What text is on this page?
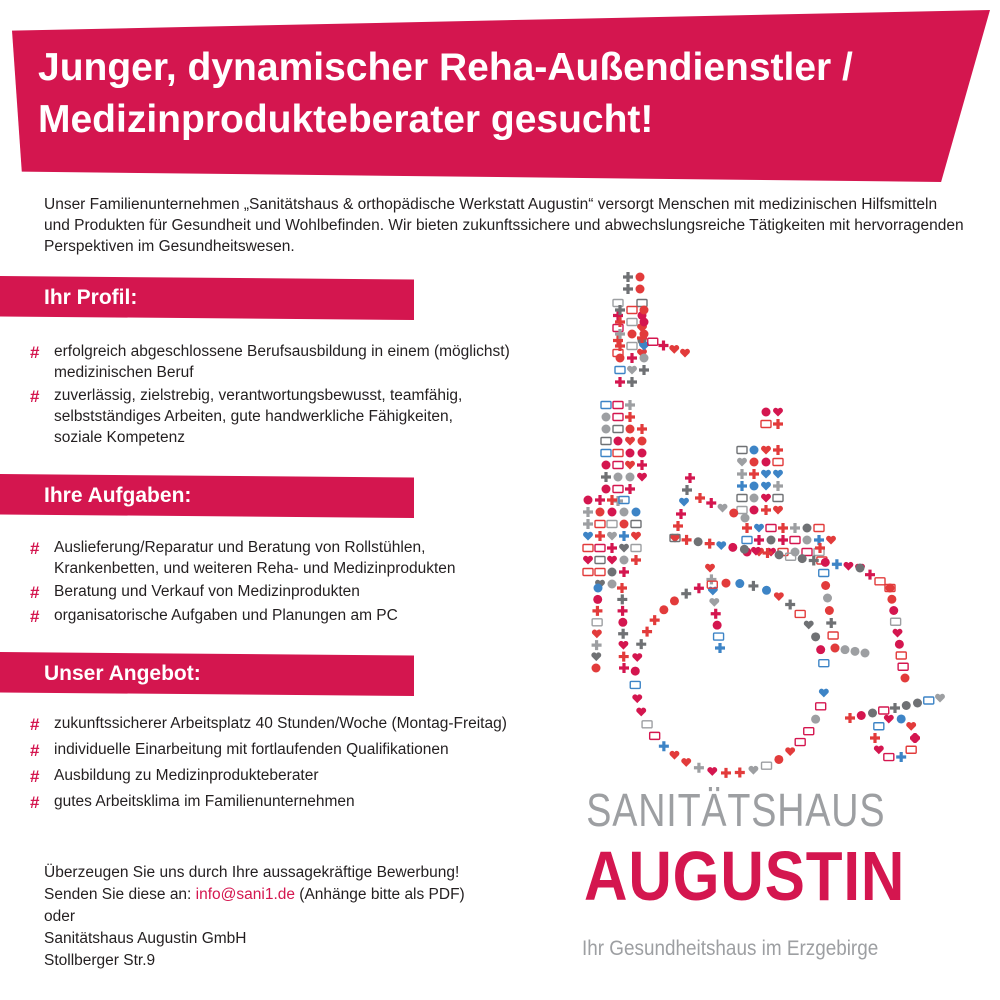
Junger, dynamischer Reha-Außendienstler /
Medizinprodukteberater gesucht!

Unser Familienunternehmen „Sanitätshaus & orthopädische Werkstatt Augustin“ versorgt Menschen mit medizinischen Hilfsmitteln und Produkten für Gesundheit und Wohlbefinden. Wir bieten zukunftssichere und abwechslungsreiche Tätigkeiten mit hervorragenden Perspektiven im Gesundheitswesen.

Ihr Profil:
# erfolgreich abgeschlossene Berufsausbildung in einem (möglichst)
medizinischen Beruf
# zuverlässig, zielstrebig, verantwortungsbewusst, teamfähig,
selbstständiges Arbeiten, gute handwerkliche Fähigkeiten,
soziale Kompetenz
Ihre Aufgaben:
# Auslieferung/Reparatur und Beratung von Rollstühlen,
Krankenbetten, und weiteren Reha- und Medizinprodukten
# Beratung und Verkauf von Medizinprodukten
# organisatorische Aufgaben und Planungen am PC
Unser Angebot:
# zukunftssicherer Arbeitsplatz 40 Stunden/Woche (Montag-Freitag)
# individuelle Einarbeitung mit fortlaufenden Qualifikationen
# Ausbildung zu Medizinprodukteberater
# gutes Arbeitsklima im Familienunternehmen
Überzeugen Sie uns durch Ihre aussagekräftige Bewerbung!
Senden Sie diese an: info@sani1.de (Anhänge bitte als PDF)
oder
Sanitätshaus Augustin GmbH
Stollberger Str.9
SANITÄTSHAUS
AUGUSTIN
Ihr Gesundheitshaus im Erzgebirge
